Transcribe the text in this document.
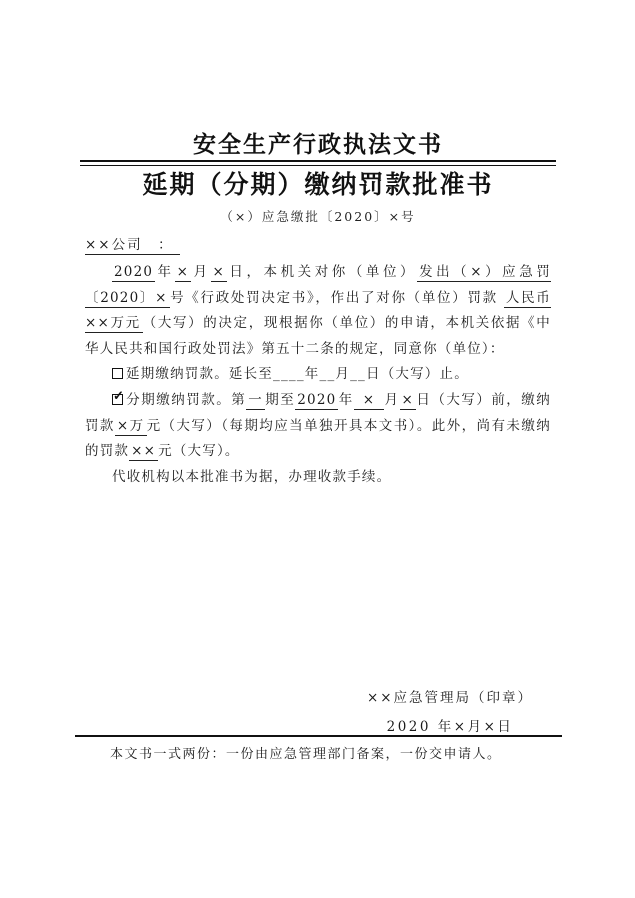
安全生产行政执法文书
延期（分期）缴纳罚款批准书
（×）应急缴批〔2020〕×号
××公司　：

2020 年 × 月 × 日，本机关对你（单位） 发出（×）应急罚〔2020〕× 号《行政处罚决定书》，作出了对你（单位）罚款 人民币××万元 （大写）的决定，现根据你（单位）的申请，本机关依据《中华人民共和国行政处罚法》第五十二条的规定，同意你（单位）：

延期缴纳罚款。延长至____年__月__日（大写）止。

✓ 分期缴纳罚款。第 一 期至 2020 年 × 月 × 日（大写）前，缴纳罚款 ×万 元（大写）（每期均应当单独开具本文书）。此外，尚有未缴纳的罚款 ×× 元（大写）。

代收机构以本批准书为据，办理收款手续。

××应急管理局（印章）
2020 年×月×日
本文书一式两份：一份由应急管理部门备案，一份交申请人。
